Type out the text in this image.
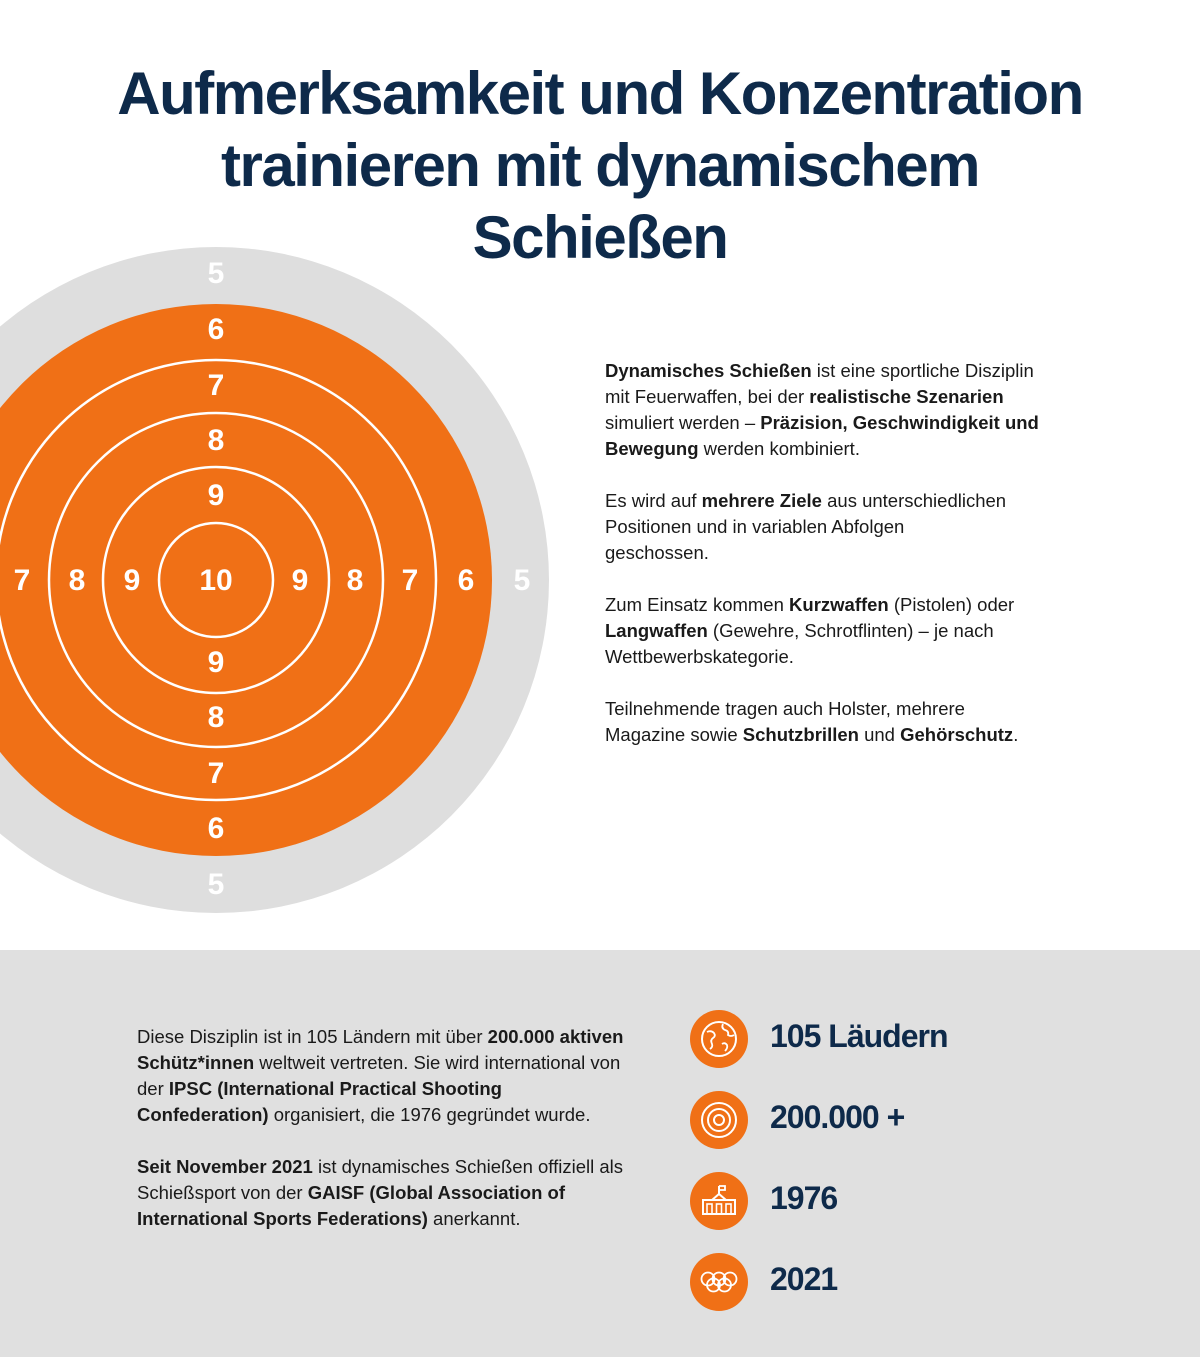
Aufmerksamkeit und Konzentration
trainieren mit dynamischem
Schießen
5
6
7
8
9
10
9
8
7
6
5
7 8 9	9 8 7 6 5

Dynamisches Schießen ist eine sportliche Disziplin mit Feuerwaffen, bei der realistische Szenarien simuliert werden – Präzision, Geschwindigkeit und Bewegung werden kombiniert.

Es wird auf mehrere Ziele aus unterschiedlichen Positionen und in variablen Abfolgen
geschossen.

Zum Einsatz kommen Kurzwaffen (Pistolen) oder Langwaffen (Gewehre, Schrotflinten) – je nach Wettbewerbskategorie.

Teilnehmende tragen auch Holster, mehrere Magazine sowie Schutzbrillen und Gehörschutz.

Diese Disziplin ist in 105 Ländern mit über 200.000 aktiven Schütz*innen weltweit vertreten. Sie wird international von der IPSC (International Practical Shooting Confederation) organisiert, die 1976 gegründet wurde.

Seit November 2021 ist dynamisches Schießen offiziell als Schießsport von der GAISF (Global Association of International Sports Federations) anerkannt.

105 Läudern
200.000 +
1976
2021
